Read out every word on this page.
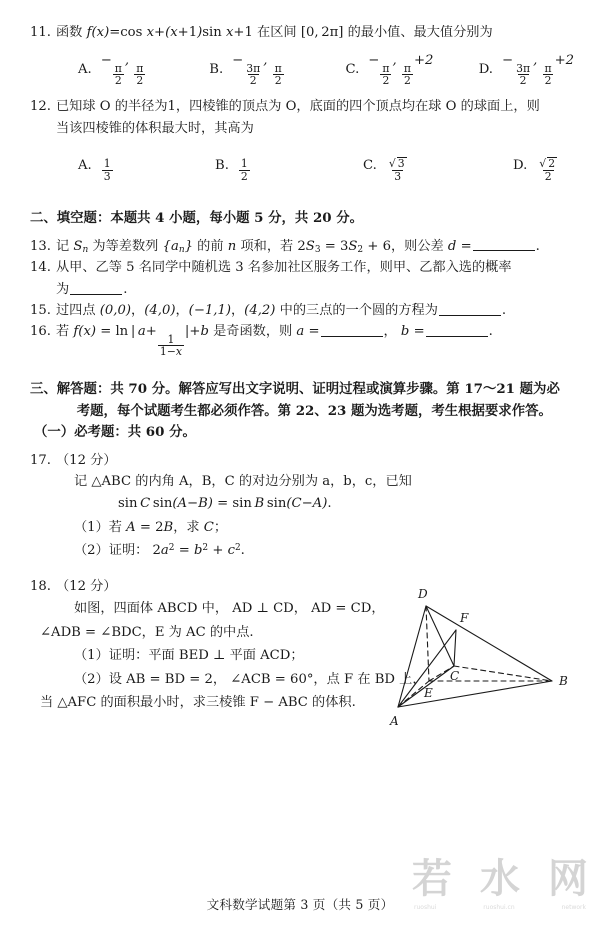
11. 函数 f(x)=cos x+(x+1)sin x+1 在区间 [0,  2π] 的最小值、最大值分别为
A.
−
$\frac{\pi}{2}$
,
$\frac{\pi}{2}$	B.
−
$\frac{3\pi}{2}$
,
$\frac{\pi}{2}$	C.
−
$\frac{\pi}{2}$
,
$\frac{\pi}{2}$
+2
D.
−
$\frac{3\pi}{2}$
,
$\frac{\pi}{2}$
+2
12. 已知球 O 的半径为1，四棱锥的顶点为 O，底面的四个顶点均在球 O 的球面上，则
当该四棱锥的体积最大时，其高为
A. $\frac{1}{3}$	B. $\frac{1}{2}$	C. $\frac{√ 3}{3}$	D. $\frac{√ 2}{2}$
二、 填空题：本题共 4 小题，每小题 5 分，共 20 分。
13. 记 $S_n$ 为等差数列 $\{a_n\}$ 的前 n 项和，若 $2S_3 = 3S_2 + 6$，则公差 d =	.
14. 从甲、乙等 5 名同学中随机选 3 名参加社区服务工作，则甲、乙都入选的概率
为	.
15. 过四点 (0,0)，(4,0)，(−1,1)，(4,2) 中的三点的一个圆的方程为	.
16. 若 f(x) = ln  |  a+
$\frac{1}{1-x}$
|+b 是奇函数，则 a =	， b =	.
三、 解答题：共 70 分。解答应写出文字说明、证明过程或演算步骤。第 17～21 题为必
考题，每个试题考生都必须作答。第 22、23 题为选考题，考生根据要求作答。
（一）必考题：共 60 分。
17. （12 分）
记 △ABC 的内角 A，B，C 的对边分别为 a，b，c，已知
sin  C  sin(A−B) = sin  B  sin(C−A).
（1）若 A = 2B，求 C；
（2）证明： $2a^2 = b^2 + c^2$.
D
F
C	B
E
A
18. （12 分）
如图，四面体 ABCD 中， AD ⊥ CD， AD = CD，
∠ADB = ∠BDC，E 为 AC 的中点.
（1）证明：平面 BED ⊥ 平面 ACD；
（2）设 AB = BD = 2， ∠ACB = 60°，点 F 在 BD 上，
当 △AFC 的面积最小时，求三棱锥 F − ABC 的体积.
文科数学试题第 3 页（共 5 页）
若 水 网
ruoshui	ruoshui.cn	network
